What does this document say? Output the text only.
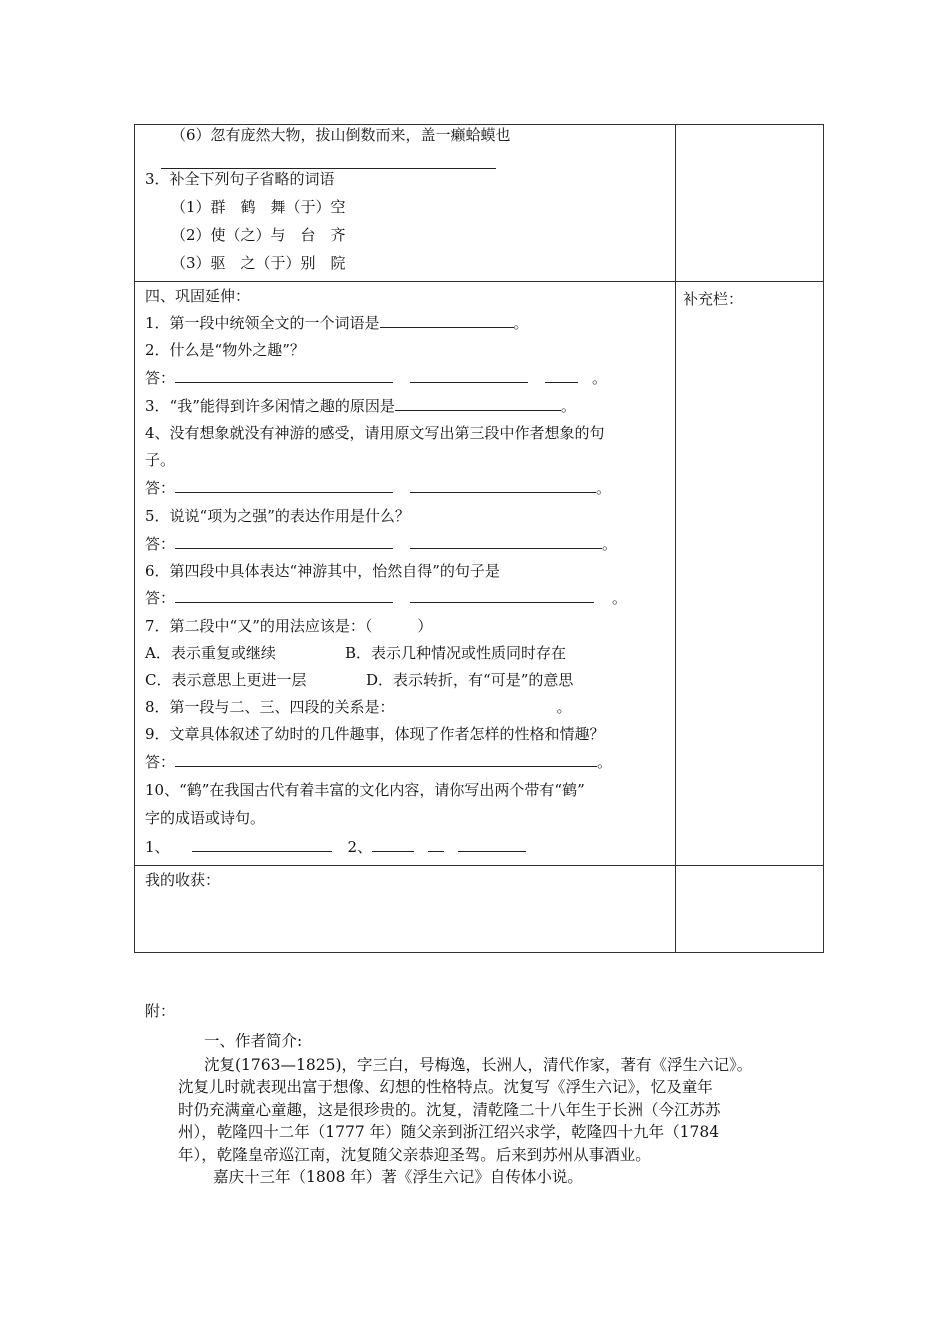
（6）忽有庞然大物，拔山倒数而来，盖一癞蛤蟆也
3．补全下列句子省略的词语
（1）群　鹤　舞（于）空
（2）使（之）与　台　齐
（3）驱　之（于）别　院
四、巩固延伸：
1．第一段中统领全文的一个词语是	。
2．什么是“物外之趣”？
答：	。
3．“我”能得到许多闲情之趣的原因是	。
4、没有想象就没有神游的感受，请用原文写出第三段中作者想象的句
子。
答：	。
5．说说“项为之强”的表达作用是什么？
答：	。
6．第四段中具体表达“神游其中，怡然自得”的句子是
答：	。
7．第二段中“又”的用法应该是：（　　　）
A．表示重复或继续	B．表示几种情况或性质同时存在
C．表示意思上更进一层	D．表示转折，有“可是”的意思
8．第一段与二、三、四段的关系是：	。
9．文章具体叙述了幼时的几件趣事，体现了作者怎样的性格和情趣？
答：	。
10、“鹤”在我国古代有着丰富的文化内容，请你写出两个带有“鹤”
字的成语或诗句。
1、	2、
补充栏：
我的收获：
附：
一、作者简介:
沈复(1763—1825)，字三白，号梅逸，长洲人，清代作家，著有《浮生六记》。
沈复儿时就表现出富于想像、幻想的性格特点。沈复写《浮生六记》，忆及童年
时仍充满童心童趣，这是很珍贵的。沈复，清乾隆二十八年生于长洲（今江苏苏
州），乾隆四十二年（1777 年）随父亲到浙江绍兴求学，乾隆四十九年（1784
年），乾隆皇帝巡江南，沈复随父亲恭迎圣驾。后来到苏州从事酒业。
嘉庆十三年（1808 年）著《浮生六记》自传体小说。
